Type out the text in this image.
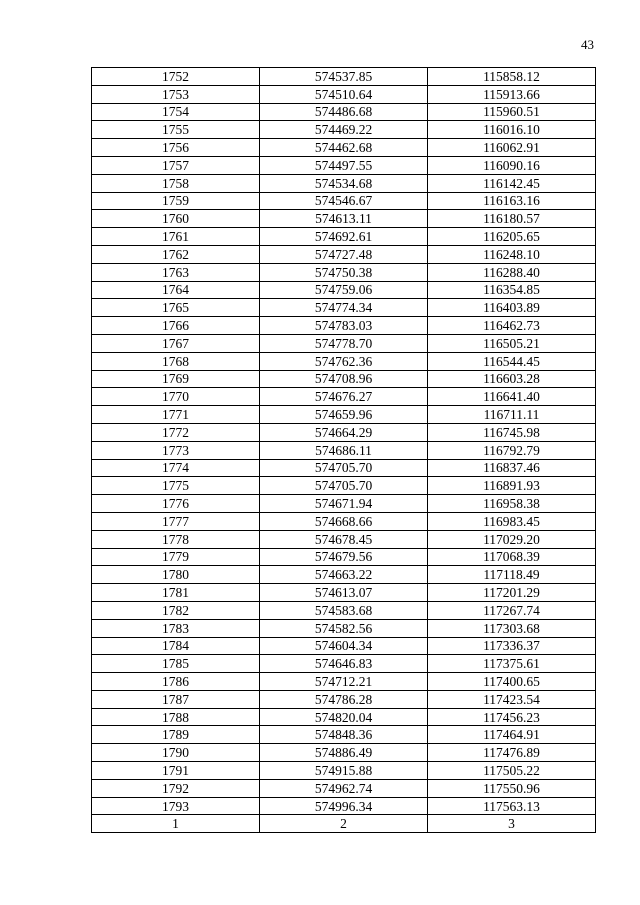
43
1752	574537.85	115858.12
1753	574510.64	115913.66
1754	574486.68	115960.51
1755	574469.22	116016.10
1756	574462.68	116062.91
1757	574497.55	116090.16
1758	574534.68	116142.45
1759	574546.67	116163.16
1760	574613.11	116180.57
1761	574692.61	116205.65
1762	574727.48	116248.10
1763	574750.38	116288.40
1764	574759.06	116354.85
1765	574774.34	116403.89
1766	574783.03	116462.73
1767	574778.70	116505.21
1768	574762.36	116544.45
1769	574708.96	116603.28
1770	574676.27	116641.40
1771	574659.96	116711.11
1772	574664.29	116745.98
1773	574686.11	116792.79
1774	574705.70	116837.46
1775	574705.70	116891.93
1776	574671.94	116958.38
1777	574668.66	116983.45
1778	574678.45	117029.20
1779	574679.56	117068.39
1780	574663.22	117118.49
1781	574613.07	117201.29
1782	574583.68	117267.74
1783	574582.56	117303.68
1784	574604.34	117336.37
1785	574646.83	117375.61
1786	574712.21	117400.65
1787	574786.28	117423.54
1788	574820.04	117456.23
1789	574848.36	117464.91
1790	574886.49	117476.89
1791	574915.88	117505.22
1792	574962.74	117550.96
1793	574996.34	117563.13
1	2	3
